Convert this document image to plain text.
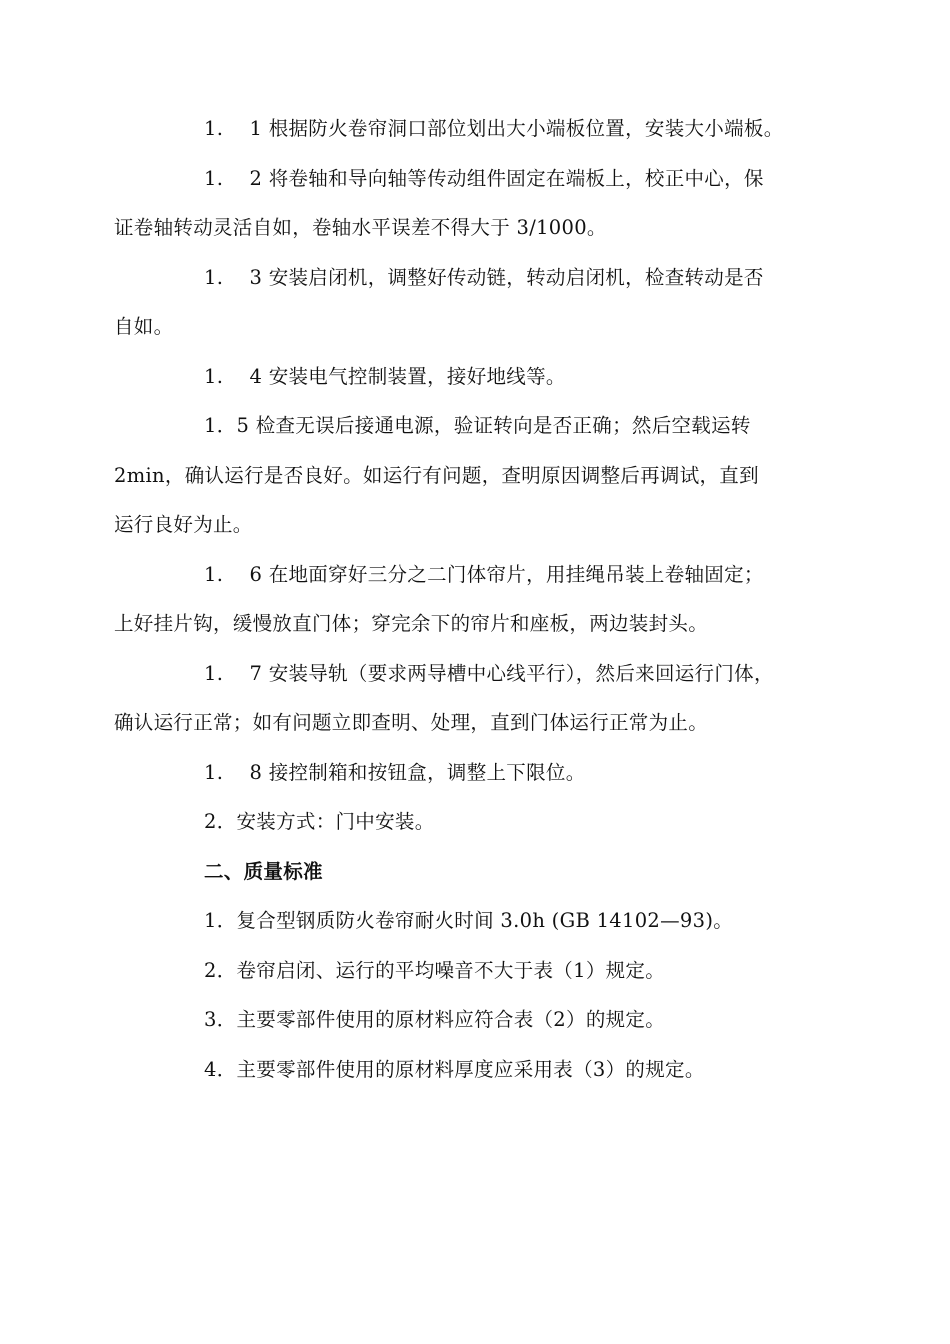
1.　 1 根据防火卷帘洞口部位划出大小端板位置，安装大小端板。

1.　 2 将卷轴和导向轴等传动组件固定在端板上，校正中心，保
证卷轴转动灵活自如，卷轴水平误差不得大于 3/1000。

1.　 3 安装启闭机，调整好传动链，转动启闭机，检查转动是否
自如。

1.　 4 安装电气控制装置，接好地线等。

1．5 检查无误后接通电源，验证转向是否正确；然后空载运转
2min，确认运行是否良好。如运行有问题，查明原因调整后再调试，直到
运行良好为止。

1.　 6 在地面穿好三分之二门体帘片，用挂绳吊装上卷轴固定；
上好挂片钩，缓慢放直门体；穿完余下的帘片和座板，两边装封头。

1.　 7 安装导轨（要求两导槽中心线平行），然后来回运行门体，
确认运行正常；如有问题立即查明、处理，直到门体运行正常为止。

1.　 8 接控制箱和按钮盒，调整上下限位。

2．安装方式：门中安装。

二、质量标准

1．复合型钢质防火卷帘耐火时间 3.0h (GB 14102—93)。

2．卷帘启闭、运行的平均噪音不大于表（1）规定。

3．主要零部件使用的原材料应符合表（2）的规定。

4．主要零部件使用的原材料厚度应采用表（3）的规定。
